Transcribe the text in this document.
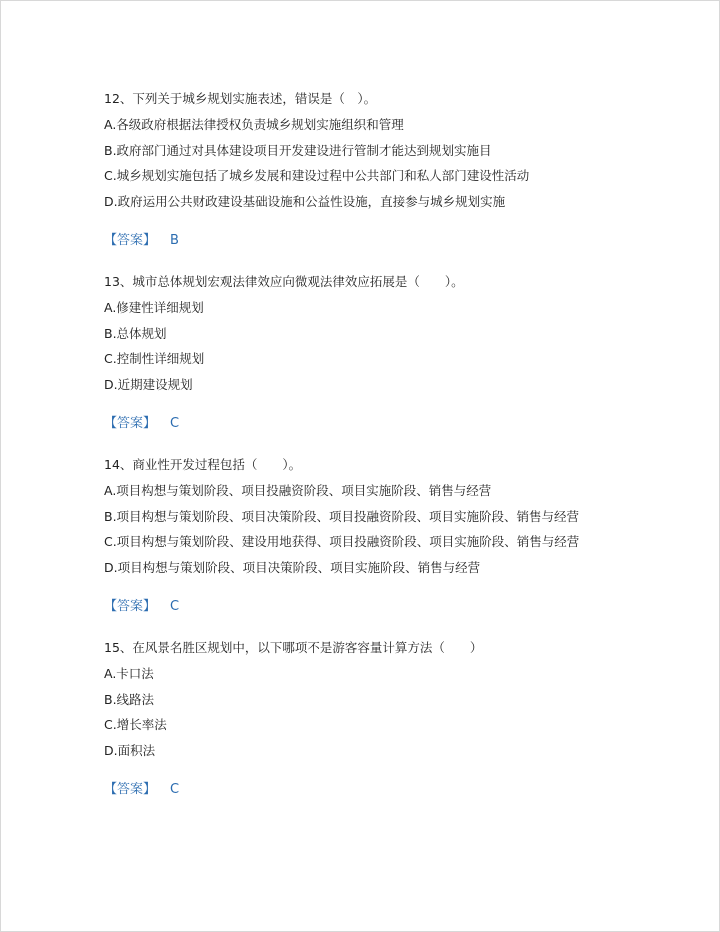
12、下列关于城乡规划实施表述，错误是（　）。
A.各级政府根据法律授权负责城乡规划实施组织和管理
B.政府部门通过对具体建设项目开发建设进行管制才能达到规划实施目
C.城乡规划实施包括了城乡发展和建设过程中公共部门和私人部门建设性活动
D.政府运用公共财政建设基础设施和公益性设施，直接参与城乡规划实施
【答案】 B
13、城市总体规划宏观法律效应向微观法律效应拓展是（　　）。
A.修建性详细规划
B.总体规划
C.控制性详细规划
D.近期建设规划
【答案】 C
14、商业性开发过程包括（　　）。
A.项目构想与策划阶段、项目投融资阶段、项目实施阶段、销售与经营
B.项目构想与策划阶段、项目决策阶段、项目投融资阶段、项目实施阶段、销售与经营
C.项目构想与策划阶段、建设用地获得、项目投融资阶段、项目实施阶段、销售与经营
D.项目构想与策划阶段、项目决策阶段、项目实施阶段、销售与经营
【答案】 C
15、在风景名胜区规划中，以下哪项不是游客容量计算方法（　　）
A.卡口法
B.线路法
C.增长率法
D.面积法
【答案】 C
